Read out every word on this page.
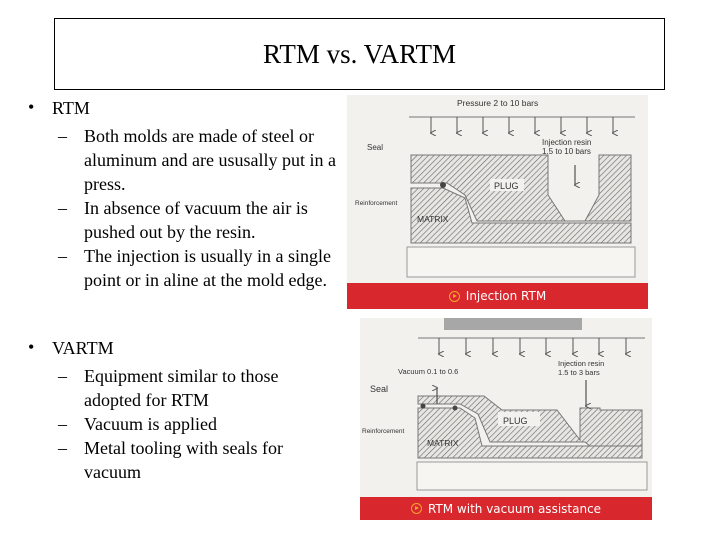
RTM vs. VARTM
• RTM
– Both molds are made of steel or aluminum and are ususally put in a press.
– In absence of vacuum the air is pushed out by the resin.
– The injection is usually in a single point or in aline at the mold edge.
• VARTM
– Equipment similar to those adopted for RTM
– Vacuum is applied
– Metal tooling with seals for vacuum
Pressure 2 to 10 bars
Injection resin
1.5 to 10 bars
Seal
Reinforcement
PLUG
MATRIX
Injection RTM
Vacuum 0.1 to 0.6
Injection resin
1.5 to 3 bars
Seal
Reinforcement
PLUG
MATRIX
RTM with vacuum assistance
